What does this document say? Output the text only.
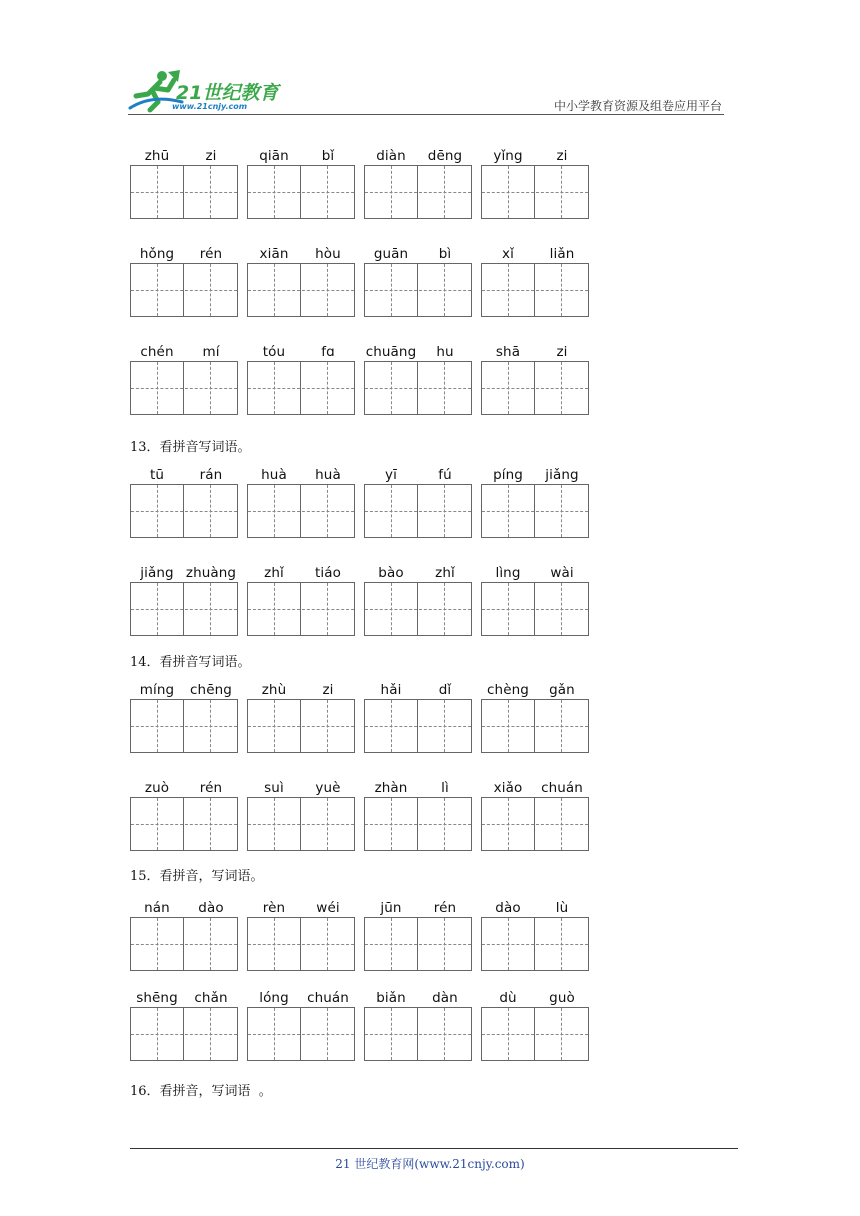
21世纪教育
www.21cnjy.com	中小学教育资源及组卷应用平台
13．看拼音写词语。
14．看拼音写词语。
15．看拼音，写词语。
16．看拼音，写词语  。
zhū	zi	qiān	bǐ	diàn	dēng	yǐng	zi
hǒng	rén	xiān	hòu	guān	bì	xǐ	liǎn
chén	mí	tóu	fɑ	chuāng	hu	shā	zi
tū	rán	huà	huà	yī	fú	píng	jiǎng
jiǎng zhuàng	zhǐ	tiáo	bào	zhǐ	lìng	wài
míng	chēng	zhù	zi	hǎi	dǐ	chèng	gǎn
zuò	rén	suì	yuè	zhàn	lì	xiǎo	chuán
nán	dào	rèn	wéi	jūn	rén	dào	lù
shēng	chǎn	lóng	chuán	biǎn	dàn	dù	guò
21 世纪教育网(www.21cnjy.com)
